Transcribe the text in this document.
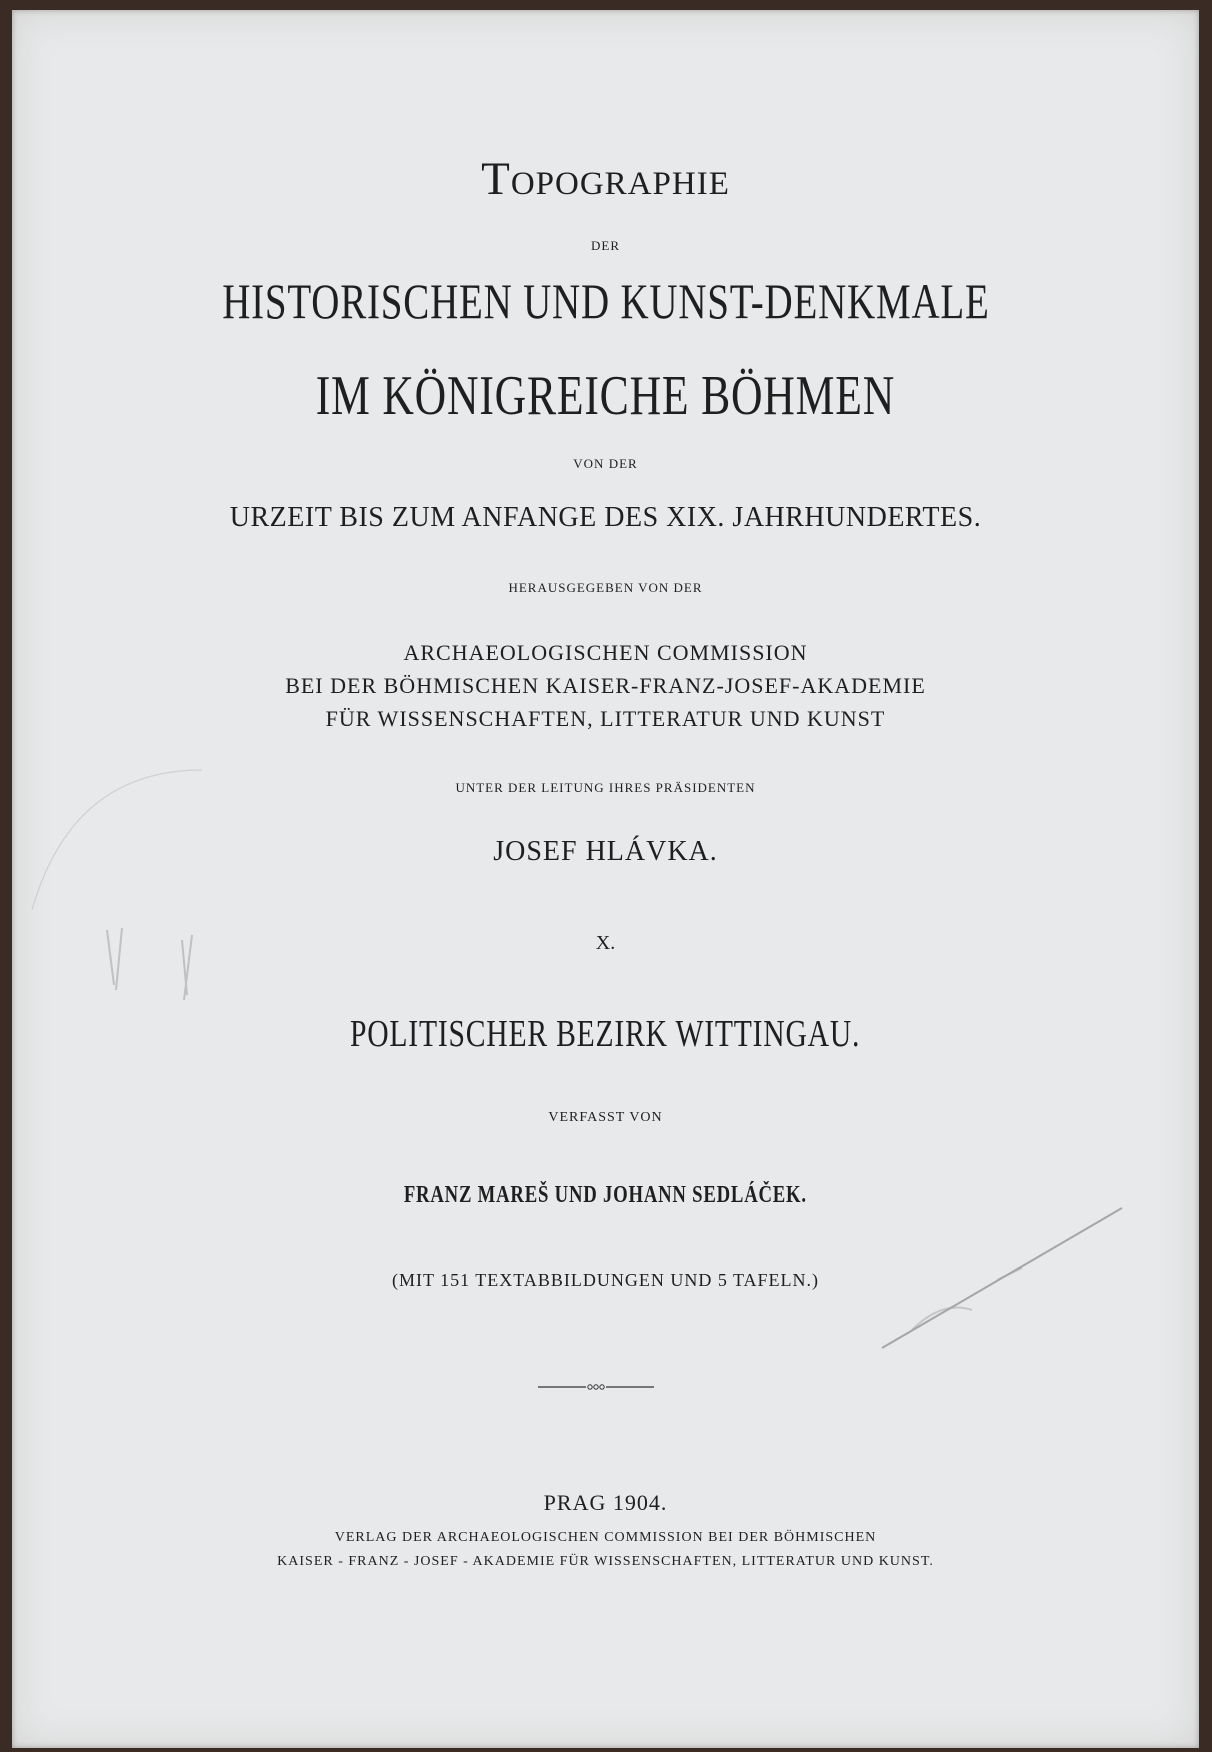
Topographie

DER

HISTORISCHEN UND KUNST-DENKMALE

IM KÖNIGREICHE BÖHMEN

VON DER

URZEIT BIS ZUM ANFANGE DES XIX. JAHRHUNDERTES.

HERAUSGEGEBEN VON DER

ARCHAEOLOGISCHEN COMMISSION

BEI DER BÖHMISCHEN KAISER-FRANZ-JOSEF-AKADEMIE

FÜR WISSENSCHAFTEN, LITTERATUR UND KUNST

UNTER DER LEITUNG IHRES PRÄSIDENTEN

JOSEF HLÁVKA.

X.

POLITISCHER BEZIRK WITTINGAU.

VERFASST VON

FRANZ MAREŠ UND JOHANN SEDLÁČEK.

(MIT 151 TEXTABBILDUNGEN UND 5 TAFELN.)

PRAG 1904.

VERLAG DER ARCHAEOLOGISCHEN COMMISSION BEI DER BÖHMISCHEN

KAISER - FRANZ - JOSEF - AKADEMIE FÜR WISSENSCHAFTEN, LITTERATUR UND KUNST.
